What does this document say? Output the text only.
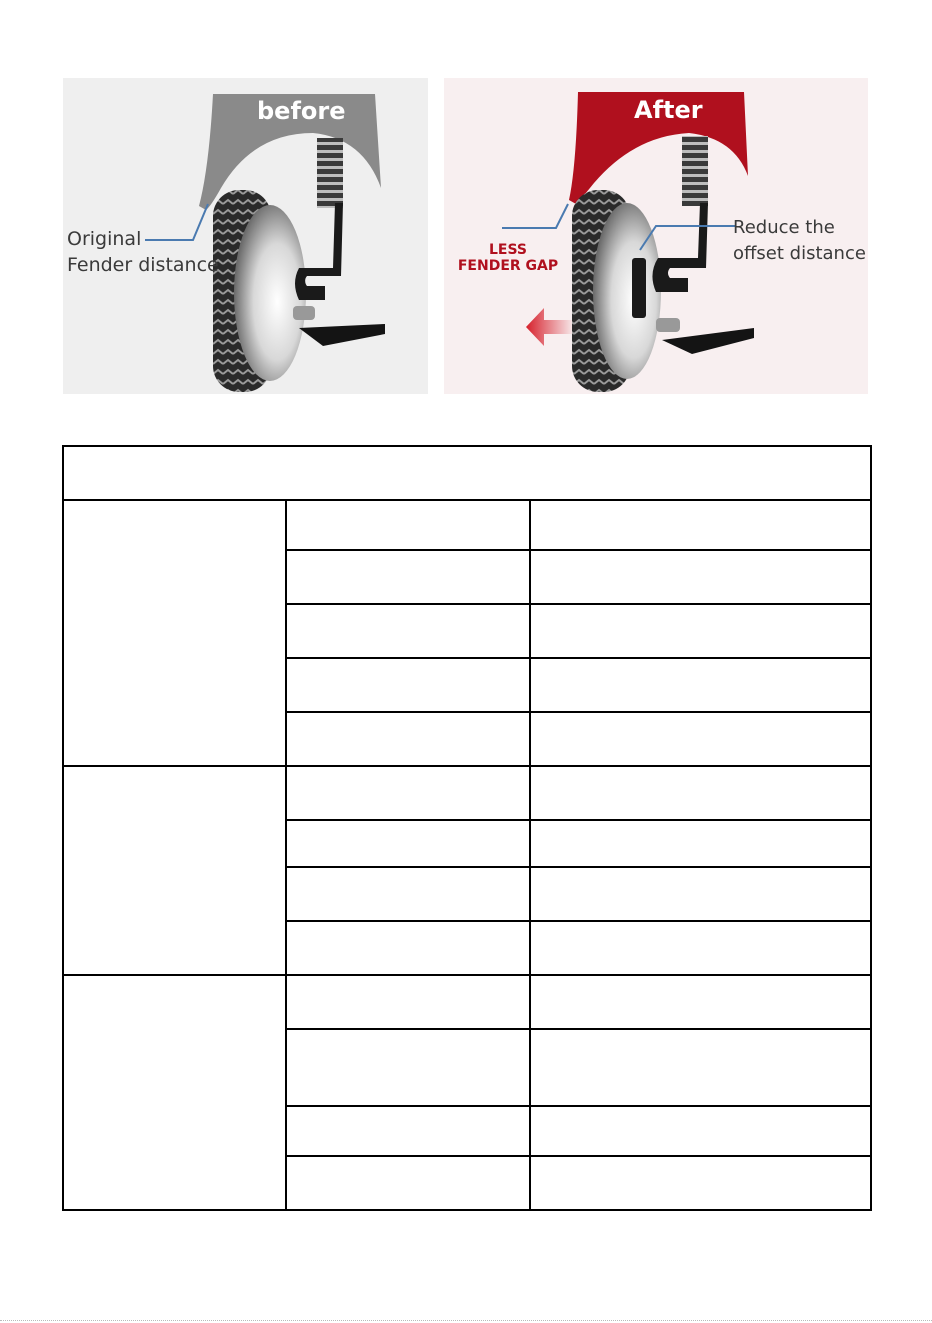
Original
Fender distance
before
LESS
FENDER GAP
Reduce the
offset distance
After
